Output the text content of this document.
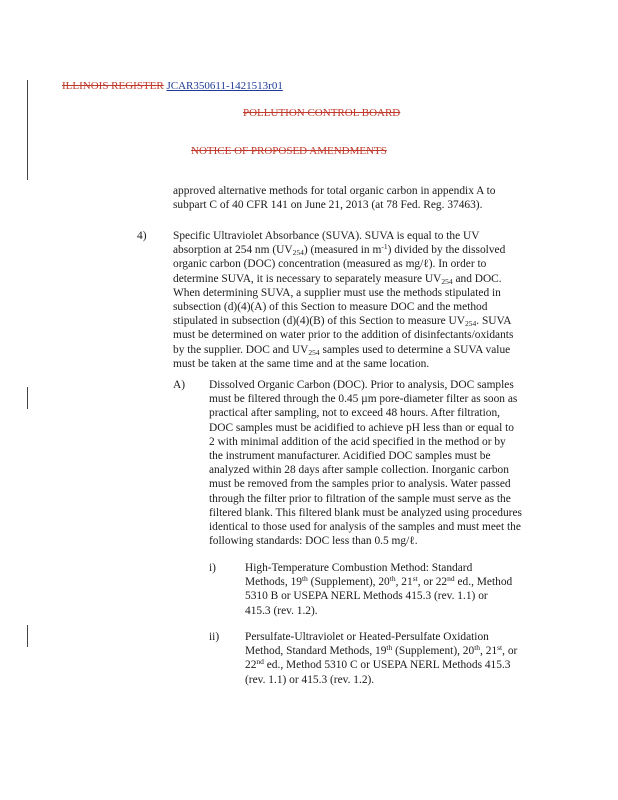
ILLINOIS REGISTER JCAR350611-1421513r01
POLLUTION CONTROL BOARD
NOTICE OF PROPOSED AMENDMENTS
approved alternative methods for total organic carbon in appendix A to
subpart C of 40 CFR 141 on June 21, 2013 (at 78 Fed. Reg. 37463).
4) Specific Ultraviolet Absorbance (SUVA). SUVA is equal to the UV
absorption at 254 nm $(UV_{254})$ (measured in $m^{-1}$) divided by the dissolved
organic carbon (DOC) concentration (measured as mg/ℓ). In order to
determine SUVA, it is necessary to separately measure $UV_{254}$ and DOC.
When determining SUVA, a supplier must use the methods stipulated in
subsection (d)(4)(A) of this Section to measure DOC and the method
stipulated in subsection (d)(4)(B) of this Section to measure $UV_{254}$. SUVA
must be determined on water prior to the addition of disinfectants/oxidants
by the supplier. DOC and $UV_{254}$ samples used to determine a SUVA value
must be taken at the same time and at the same location.
A) Dissolved Organic Carbon (DOC). Prior to analysis, DOC samples
must be filtered through the 0.45 µm pore-diameter filter as soon as
practical after sampling, not to exceed 48 hours. After filtration,
DOC samples must be acidified to achieve pH less than or equal to
2 with minimal addition of the acid specified in the method or by
the instrument manufacturer. Acidified DOC samples must be
analyzed within 28 days after sample collection. Inorganic carbon
must be removed from the samples prior to analysis. Water passed
through the filter prior to filtration of the sample must serve as the
filtered blank. This filtered blank must be analyzed using procedures
identical to those used for analysis of the samples and must meet the
following standards: DOC less than 0.5 mg/ℓ.
i)	High-Temperature Combustion Method: Standard
Methods, 19th (Supplement), 20th, 21st, or 22nd ed., Method
5310 B or USEPA NERL Methods 415.3 (rev. 1.1) or
415.3 (rev. 1.2).
ii) Persulfate-Ultraviolet or Heated-Persulfate Oxidation
Method, Standard Methods, 19th (Supplement), 20th, 21st, or
22nd ed., Method 5310 C or USEPA NERL Methods 415.3
(rev. 1.1) or 415.3 (rev. 1.2).
